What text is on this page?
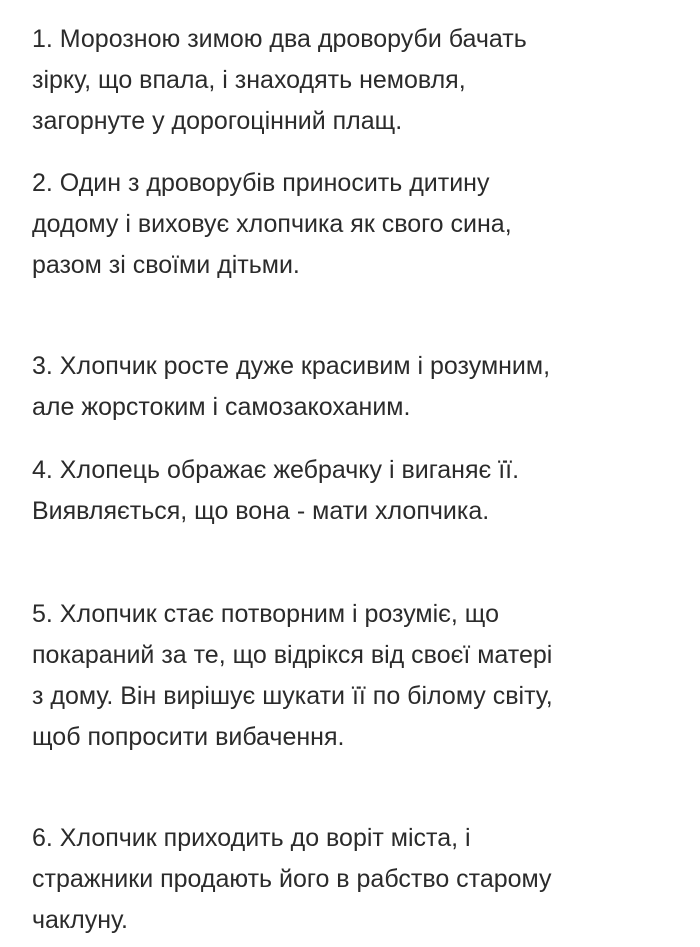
1. Морозною зимою два дроворуби бачать
зірку, що впала, і знаходять немовля,
загорнуте у дорогоцінний плащ.

2. Один з дроворубів приносить дитину
додому і виховує хлопчика як свого сина,
разом зі своїми дітьми.

3. Хлопчик росте дуже красивим і розумним,
але жорстоким і самозакоханим.

4. Хлопець ображає жебрачку і виганяє її.
Виявляється, що вона - мати хлопчика.

5. Хлопчик стає потворним і розуміє, що
покараний за те, що відрікся від своєї матері
з дому. Він вирішує шукати її по білому світу,
щоб попросити вибачення.

6. Хлопчик приходить до воріт міста, і
стражники продають його в рабство старому
чаклуну.
